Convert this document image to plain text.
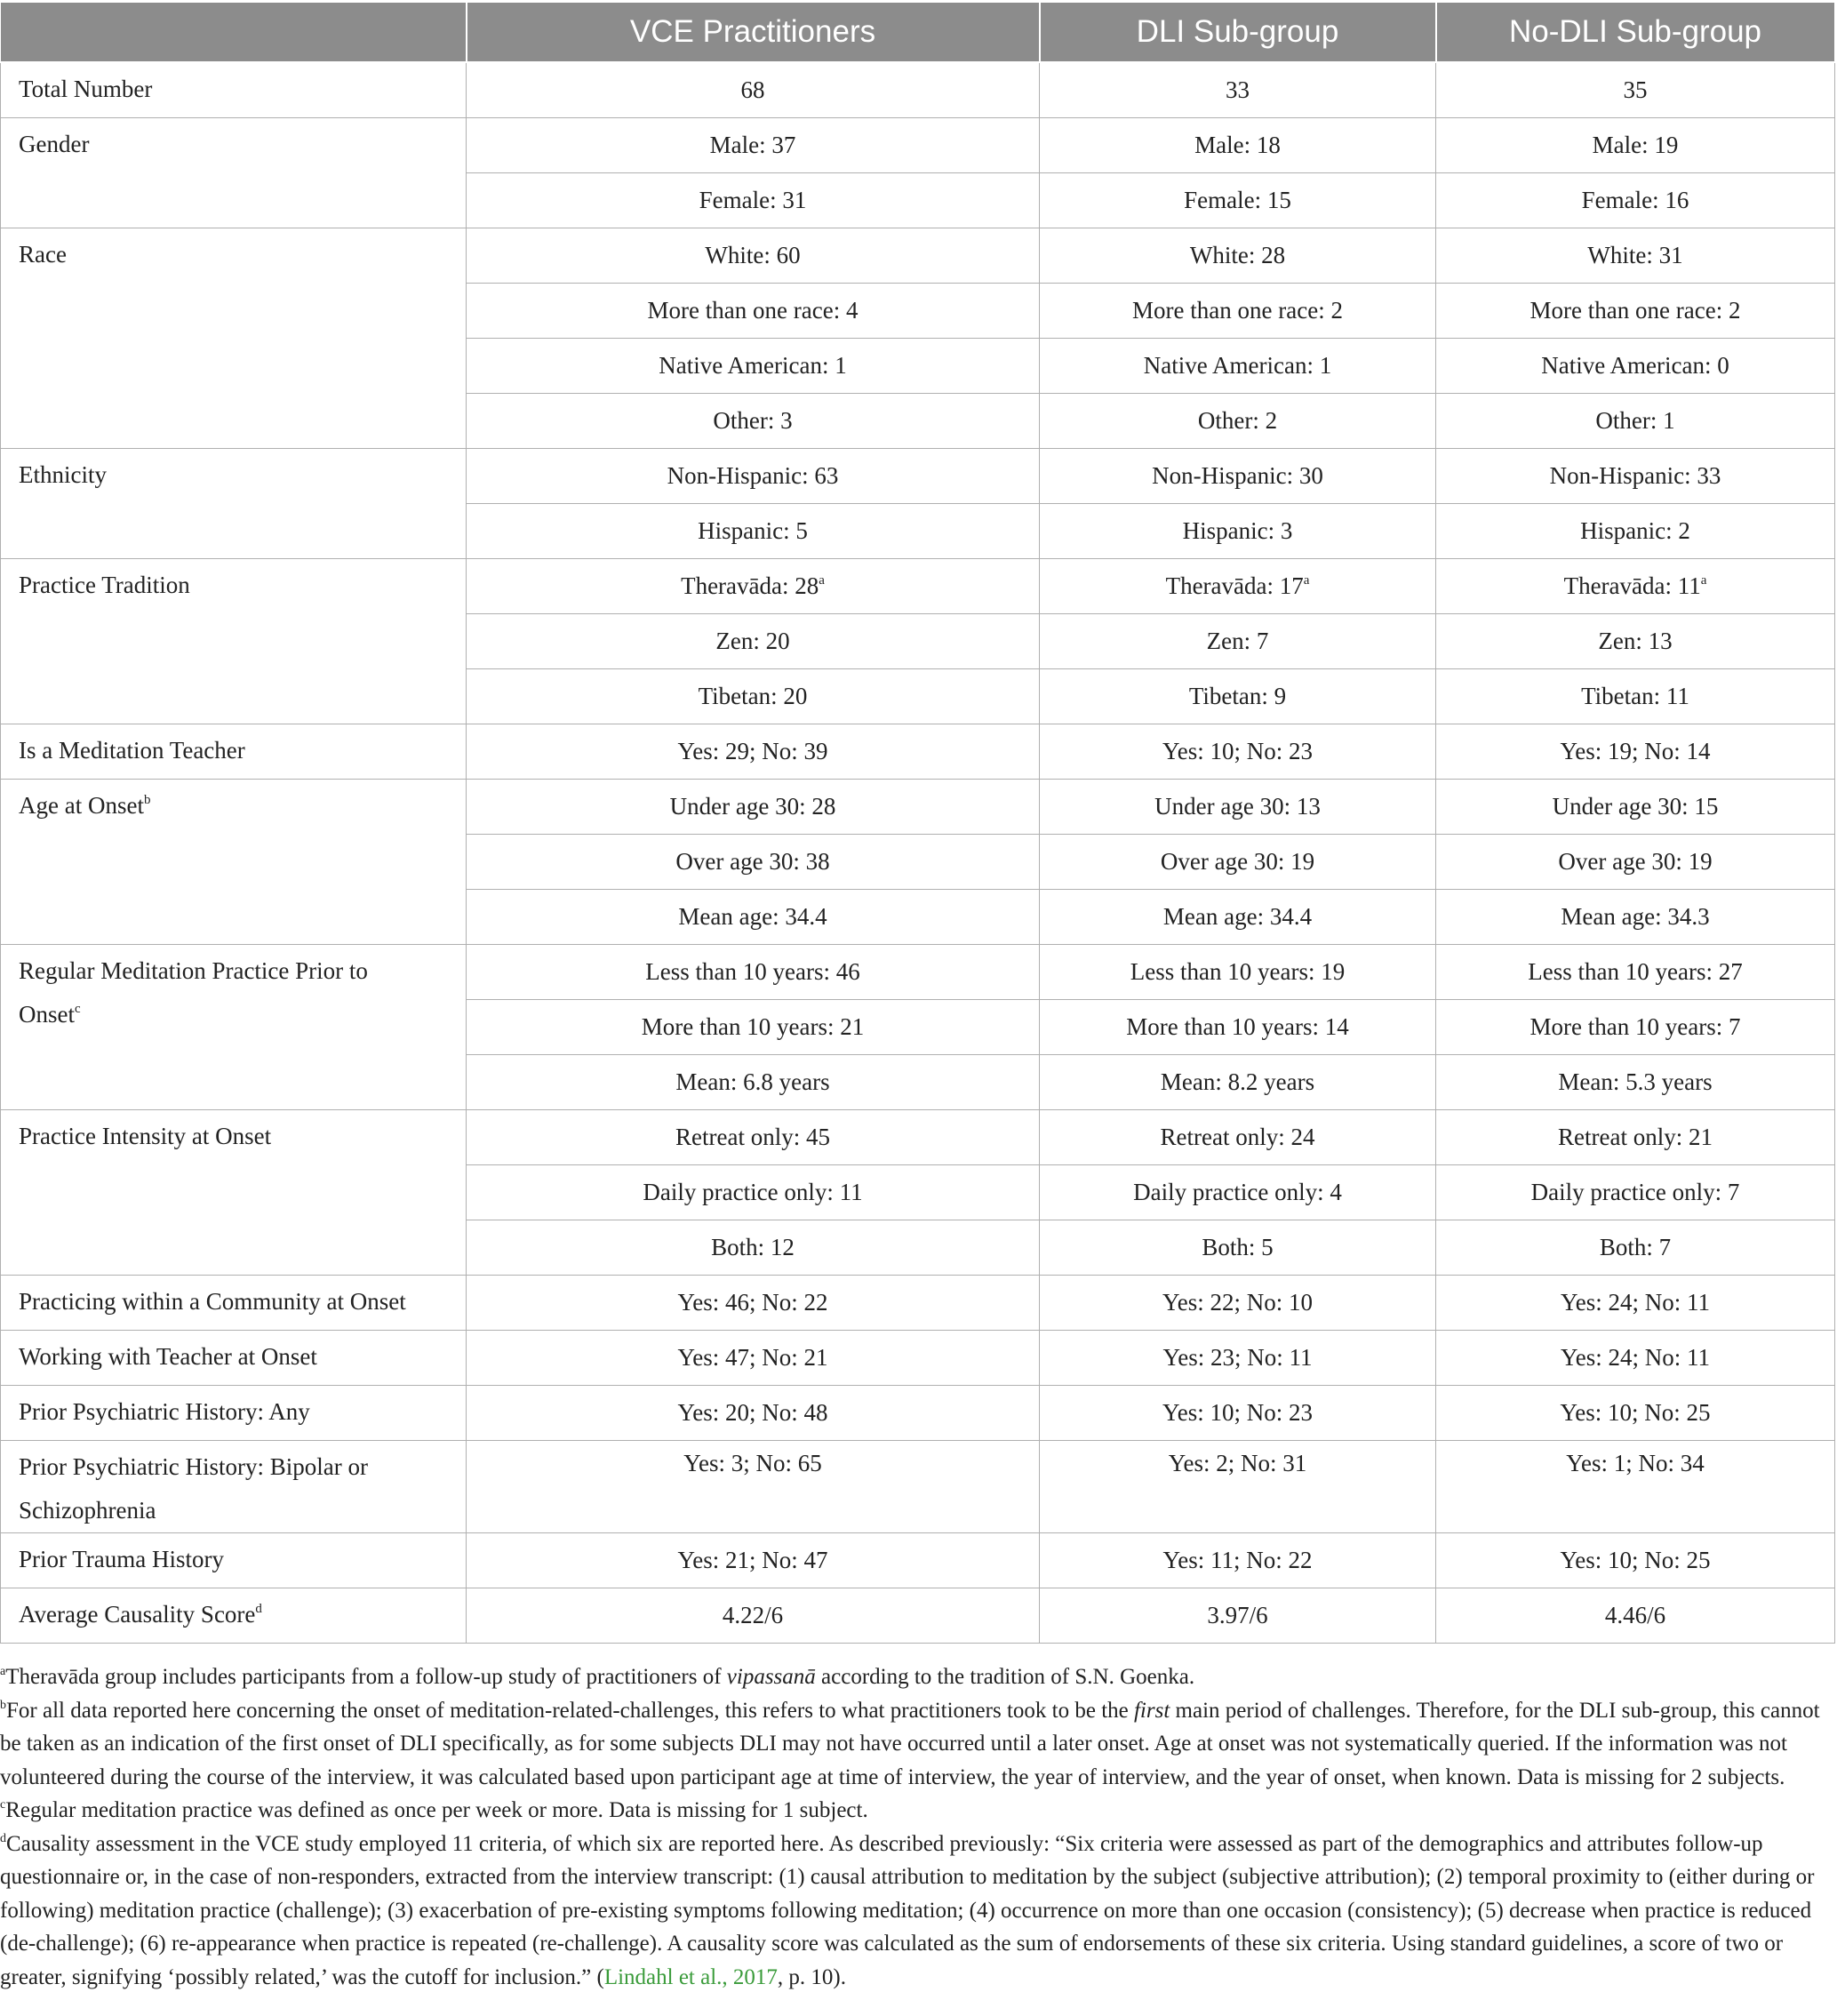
	VCE Practitioners	DLI Sub-group	No-DLI Sub-group

Total Number	68	33	35

Gender	Male: 37	Male: 18	Male: 19
	Female: 31	Female: 15	Female: 16

Race	White: 60	White: 28	White: 31
	More than one race: 4	More than one race: 2	More than one race: 2
	Native American: 1	Native American: 1	Native American: 0
	Other: 3	Other: 2	Other: 1

Ethnicity	Non-Hispanic: 63	Non-Hispanic: 30	Non-Hispanic: 33
	Hispanic: 5	Hispanic: 3	Hispanic: 2

Practice Tradition	Theravāda: 28$^a$	Theravāda: 17$^a$	Theravāda: 11$^a$
	Zen: 20	Zen: 7	Zen: 13
	Tibetan: 20	Tibetan: 9	Tibetan: 11

Is a Meditation Teacher	Yes: 29; No: 39	Yes: 10; No: 23	Yes: 19; No: 14

Age at Onset$^b$	Under age 30: 28	Under age 30: 13	Under age 30: 15
	Over age 30: 38	Over age 30: 19	Over age 30: 19
	Mean age: 34.4	Mean age: 34.4	Mean age: 34.3

Regular Meditation Practice Prior to
Onset$^c$	Less than 10 years: 46	Less than 10 years: 19	Less than 10 years: 27
	More than 10 years: 21	More than 10 years: 14	More than 10 years: 7
	Mean: 6.8 years	Mean: 8.2 years	Mean: 5.3 years

Practice Intensity at Onset	Retreat only: 45	Retreat only: 24	Retreat only: 21
	Daily practice only: 11	Daily practice only: 4	Daily practice only: 7
	Both: 12	Both: 5	Both: 7

Practicing within a Community at Onset	Yes: 46; No: 22	Yes: 22; No: 10	Yes: 24; No: 11

Working with Teacher at Onset	Yes: 47; No: 21	Yes: 23; No: 11	Yes: 24; No: 11

Prior Psychiatric History: Any	Yes: 20; No: 48	Yes: 10; No: 23	Yes: 10; No: 25

Prior Psychiatric History: Bipolar or
Schizophrenia	Yes: 3; No: 65	Yes: 2; No: 31	Yes: 1; No: 34

Prior Trauma History	Yes: 21; No: 47	Yes: 11; No: 22	Yes: 10; No: 25

Average Causality Score$^d$	4.22/6	3.97/6	4.46/6

$^a$Theravāda group includes participants from a follow-up study of practitioners of vipassanā according to the tradition of S.N. Goenka.

$^b$For all data reported here concerning the onset of meditation-related-challenges, this refers to what practitioners took to be the first main period of challenges. Therefore, for the DLI sub-group, this cannot be taken as an indication of the first onset of DLI specifically, as for some subjects DLI may not have occurred until a later onset. Age at onset was not systematically queried. If the information was not volunteered during the course of the interview, it was calculated based upon participant age at time of interview, the year of interview, and the year of onset, when known. Data is missing for 2 subjects.

$^c$Regular meditation practice was defined as once per week or more. Data is missing for 1 subject.

$^d$Causality assessment in the VCE study employed 11 criteria, of which six are reported here. As described previously: “Six criteria were assessed as part of the demographics and attributes follow-up questionnaire or, in the case of non-responders, extracted from the interview transcript: (1) causal attribution to meditation by the subject (subjective attribution); (2) temporal proximity to (either during or following) meditation practice (challenge); (3) exacerbation of pre-existing symptoms following meditation; (4) occurrence on more than one occasion (consistency); (5) decrease when practice is reduced (de-challenge); (6) re-appearance when practice is repeated (re-challenge). A causality score was calculated as the sum of endorsements of these six criteria. Using standard guidelines, a score of two or greater, signifying ‘possibly related,’ was the cutoff for inclusion.” (Lindahl et al., 2017, p. 10).
